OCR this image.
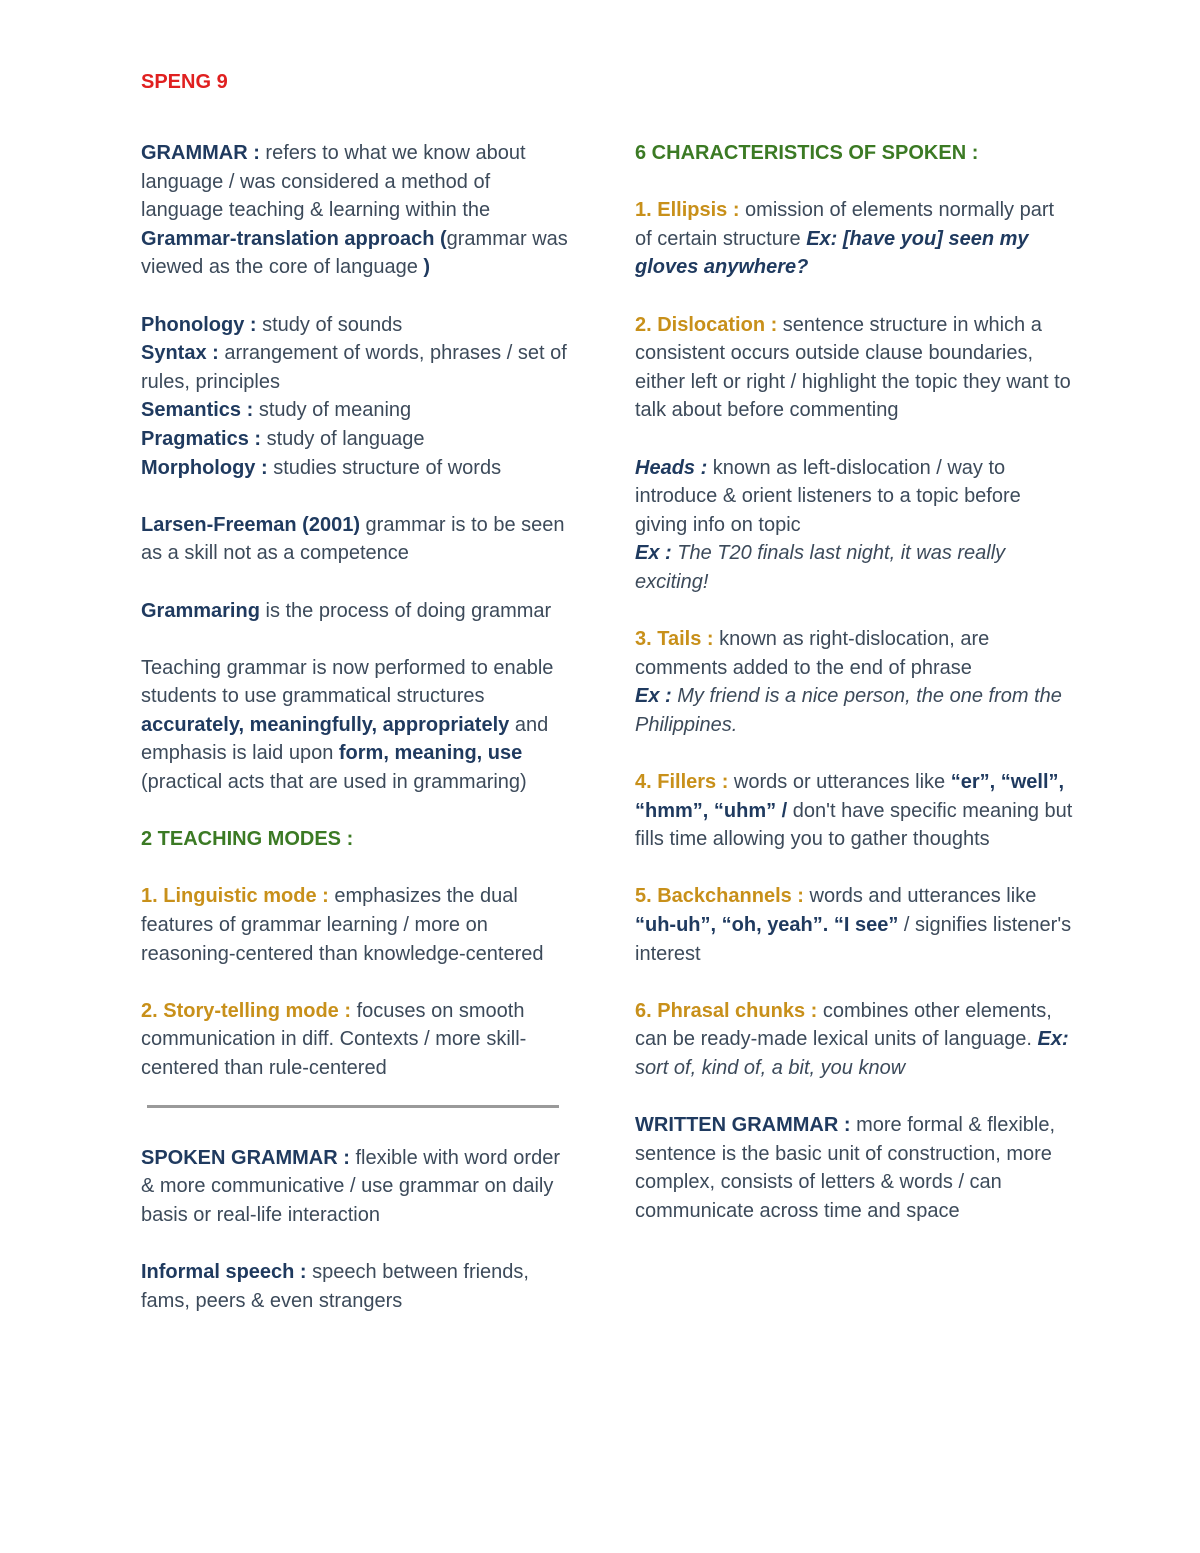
SPENG 9

GRAMMAR : refers to what we know about language / was considered a method of language teaching & learning within the Grammar-translation approach (grammar was viewed as the core of language )

Phonology : study of sounds

Syntax : arrangement of words, phrases / set of rules, principles

Semantics : study of meaning

Pragmatics : study of language

Morphology : studies structure of words

Larsen-Freeman (2001) grammar is to be seen as a skill not as a competence

Grammaring is the process of doing grammar

Teaching grammar is now performed to enable students to use grammatical structures accurately, meaningfully, appropriately and emphasis is laid upon form, meaning, use (practical acts that are used in grammaring)

2 TEACHING MODES :

1. Linguistic mode : emphasizes the dual features of grammar learning / more on reasoning-centered than knowledge-centered

2. Story-telling mode : focuses on smooth communication in diff. Contexts / more skill-centered than rule-centered

SPOKEN GRAMMAR : flexible with word order & more communicative / use grammar on daily basis or real-life interaction

Informal speech : speech between friends, fams, peers & even strangers

6 CHARACTERISTICS OF SPOKEN :

1. Ellipsis : omission of elements normally part of certain structure Ex: [have you] seen my gloves anywhere?

2. Dislocation : sentence structure in which a consistent occurs outside clause boundaries, either left or right / highlight the topic they want to talk about before commenting

Heads : known as left-dislocation / way to introduce & orient listeners to a topic before giving info on topic
Ex : The T20 finals last night, it was really exciting!

3. Tails : known as right-dislocation, are comments added to the end of phrase
Ex : My friend is a nice person, the one from the Philippines.

4. Fillers : words or utterances like “er”, “well”, “hmm”, “uhm” / don't have specific meaning but fills time allowing you to gather thoughts

5. Backchannels : words and utterances like “uh-uh”, “oh, yeah”. “I see” / signifies listener's interest

6. Phrasal chunks : combines other elements, can be ready-made lexical units of language. Ex: sort of, kind of, a bit, you know

WRITTEN GRAMMAR : more formal & flexible, sentence is the basic unit of construction, more complex, consists of letters & words / can communicate across time and space
